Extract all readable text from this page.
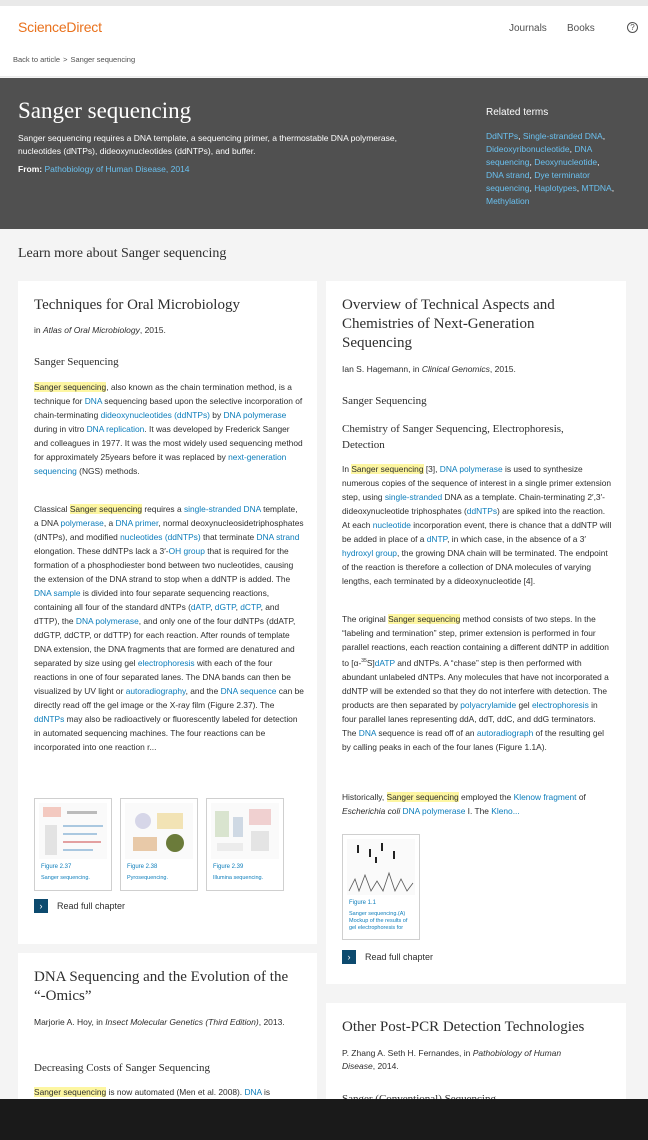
ScienceDirect	Journals Books	?
Back to article > Sanger sequencing
Sanger sequencing
Sanger sequencing requires a DNA template, a sequencing primer, a thermostable DNA polymerase, nucleotides (dNTPs), dideoxynucleotides (ddNTPs), and buffer.
From: Pathobiology of Human Disease, 2014
Related terms
DdNTPs, Single-stranded DNA,
Dideoxyribonucleotide, DNA sequencing, Deoxynucleotide,
DNA strand, Dye terminator sequencing, Haplotypes, MTDNA,
Methylation
Learn more about Sanger sequencing
Techniques for Oral Microbiology
in Atlas of Oral Microbiology, 2015.
Sanger Sequencing
Sanger sequencing, also known as the chain termination method, is a technique for DNA sequencing based upon the selective incorporation of chain-terminating dideoxynucleotides (ddNTPs) by DNA polymerase during in vitro DNA replication. It was developed by Frederick Sanger and colleagues in 1977. It was the most widely used sequencing method for approximately 25years before it was replaced by next-generation sequencing (NGS) methods.
Classical Sanger sequencing requires a single-stranded DNA template, a DNA polymerase, a DNA primer, normal deoxynucleosidetriphosphates (dNTPs), and modified nucleotides (ddNTPs) that terminate DNA strand elongation. These ddNTPs lack a 3′-OH group that is required for the formation of a phosphodiester bond between two nucleotides, causing the extension of the DNA strand to stop when a ddNTP is added. The DNA sample is divided into four separate sequencing reactions, containing all four of the standard dNTPs (dATP, dGTP, dCTP, and dTTP), the DNA polymerase, and only one of the four ddNTPs (ddATP, ddGTP, ddCTP, or ddTTP) for each reaction. After rounds of template DNA extension, the DNA fragments that are formed are denatured and separated by size using gel electrophoresis with each of the four reactions in one of four separated lanes. The DNA bands can then be visualized by UV light or autoradiography, and the DNA sequence can be directly read off the gel image or the X-ray film (Figure 2.37). The ddNTPs may also be radioactively or fluorescently labeled for detection in automated sequencing machines. The four reactions can be incorporated into one reaction r...
Figure 2.37
Sanger sequencing.
Figure 2.38
Pyrosequencing.
Figure 2.39
Illumina sequencing.
›	Read full chapter
Overview of Technical Aspects and Chemistries of Next-Generation Sequencing
Ian S. Hagemann, in Clinical Genomics, 2015.
Sanger Sequencing
Chemistry of Sanger Sequencing, Electrophoresis, Detection
In Sanger sequencing [3], DNA polymerase is used to synthesize numerous copies of the sequence of interest in a single primer extension step, using single-stranded DNA as a template. Chain-terminating 2′,3′-dideoxynucleotide triphosphates (ddNTPs) are spiked into the reaction. At each nucleotide incorporation event, there is chance that a ddNTP will be added in place of a dNTP, in which case, in the absence of a 3′ hydroxyl group, the growing DNA chain will be terminated. The endpoint of the reaction is therefore a collection of DNA molecules of varying lengths, each terminated by a dideoxynucleotide [4].
The original Sanger sequencing method consists of two steps. In the “labeling and termination” step, primer extension is performed in four parallel reactions, each reaction containing a different ddNTP in addition to [α-$^{35}$S]dATP and dNTPs. A “chase” step is then performed with abundant unlabeled dNTPs. Any molecules that have not incorporated a ddNTP will be extended so that they do not interfere with detection. The products are then separated by polyacrylamide gel electrophoresis in four parallel lanes representing ddA, ddT, ddC, and ddG terminators. The DNA sequence is read off of an autoradiograph of the resulting gel by calling peaks in each of the four lanes (Figure 1.1A).
Historically, Sanger sequencing employed the Klenow fragment of Escherichia coli DNA polymerase I. The Kleno...
Figure 1.1
Sanger sequencing.(A) Mockup of the results of gel electrophoresis for
›	Read full chapter
DNA Sequencing and the Evolution of the “-Omics”
Marjorie A. Hoy, in Insect Molecular Genetics (Third Edition), 2013.
Decreasing Costs of Sanger Sequencing
Sanger sequencing is now automated (Men et al. 2008). DNA is
Other Post-PCR Detection Technologies
P. Zhang A. Seth H. Fernandes, in Pathobiology of Human Disease, 2014.
